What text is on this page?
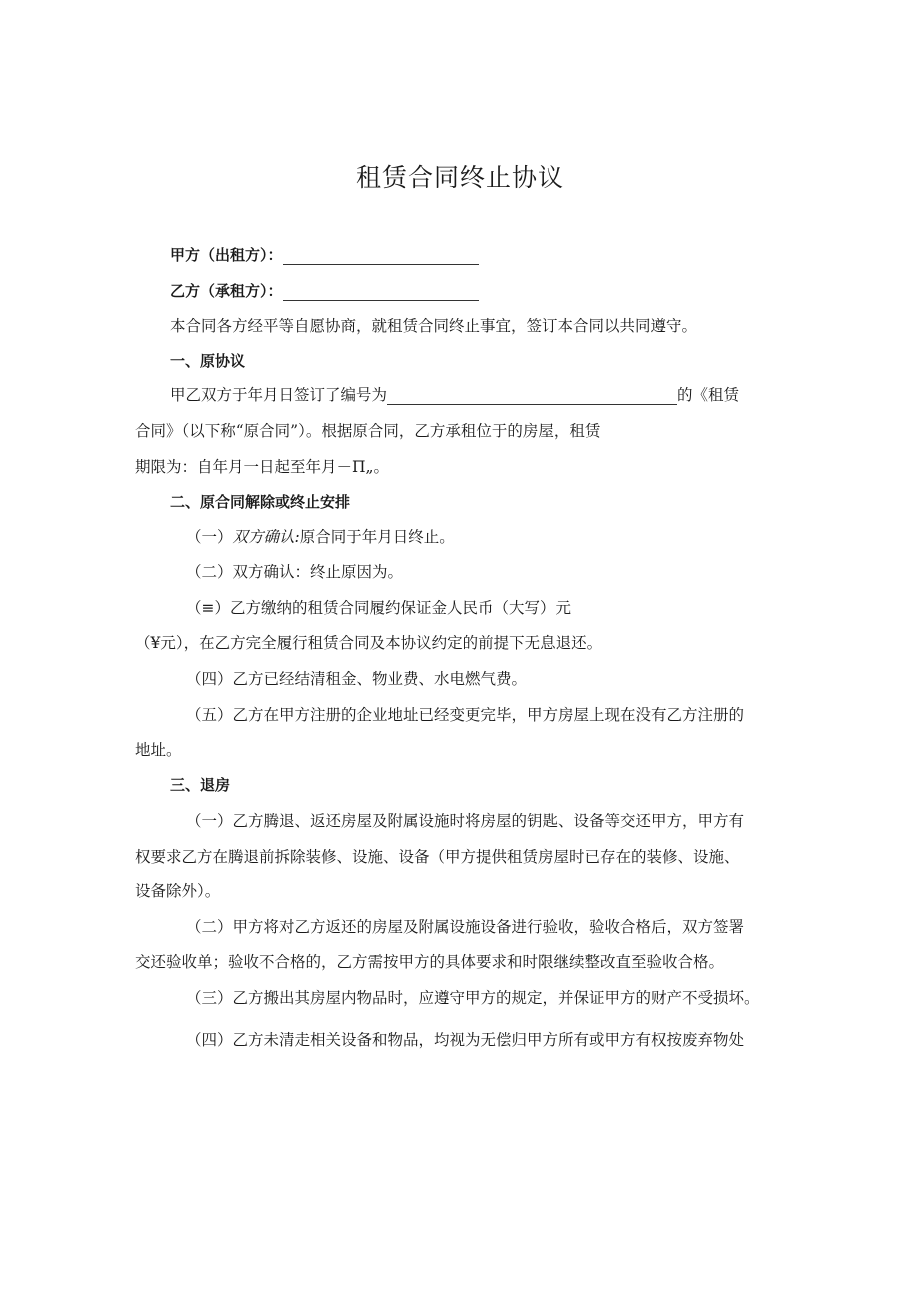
租赁合同终止协议
甲方（出租方）：
乙方（承租方）：
本合同各方经平等自愿协商，就租赁合同终止事宜，签订本合同以共同遵守。
一、原协议
甲乙双方于年月日签订了编号为	的《租赁
合同》（以下称“原合同”）。根据原合同，乙方承租位于的房屋，租赁
期限为：自年月一日起至年月－Π„。
二、原合同解除或终止安排
（一）双方确认:原合同于年月日终止。
（二）双方确认：终止原因为。
（≡）乙方缴纳的租赁合同履约保证金人民币（大写）元
（¥元），在乙方完全履行租赁合同及本协议约定的前提下无息退还。
（四）乙方已经结清租金、物业费、水电燃气费。
（五）乙方在甲方注册的企业地址已经变更完毕，甲方房屋上现在没有乙方注册的
地址。
三、退房
（一）乙方腾退、返还房屋及附属设施时将房屋的钥匙、设备等交还甲方，甲方有
权要求乙方在腾退前拆除装修、设施、设备（甲方提供租赁房屋时已存在的装修、设施、
设备除外）。
（二）甲方将对乙方返还的房屋及附属设施设备进行验收，验收合格后，双方签署
交还验收单；验收不合格的，乙方需按甲方的具体要求和时限继续整改直至验收合格。
（三）乙方搬出其房屋内物品时，应遵守甲方的规定，并保证甲方的财产不受损坏。
（四）乙方未清走相关设备和物品，均视为无偿归甲方所有或甲方有权按废弃物处
